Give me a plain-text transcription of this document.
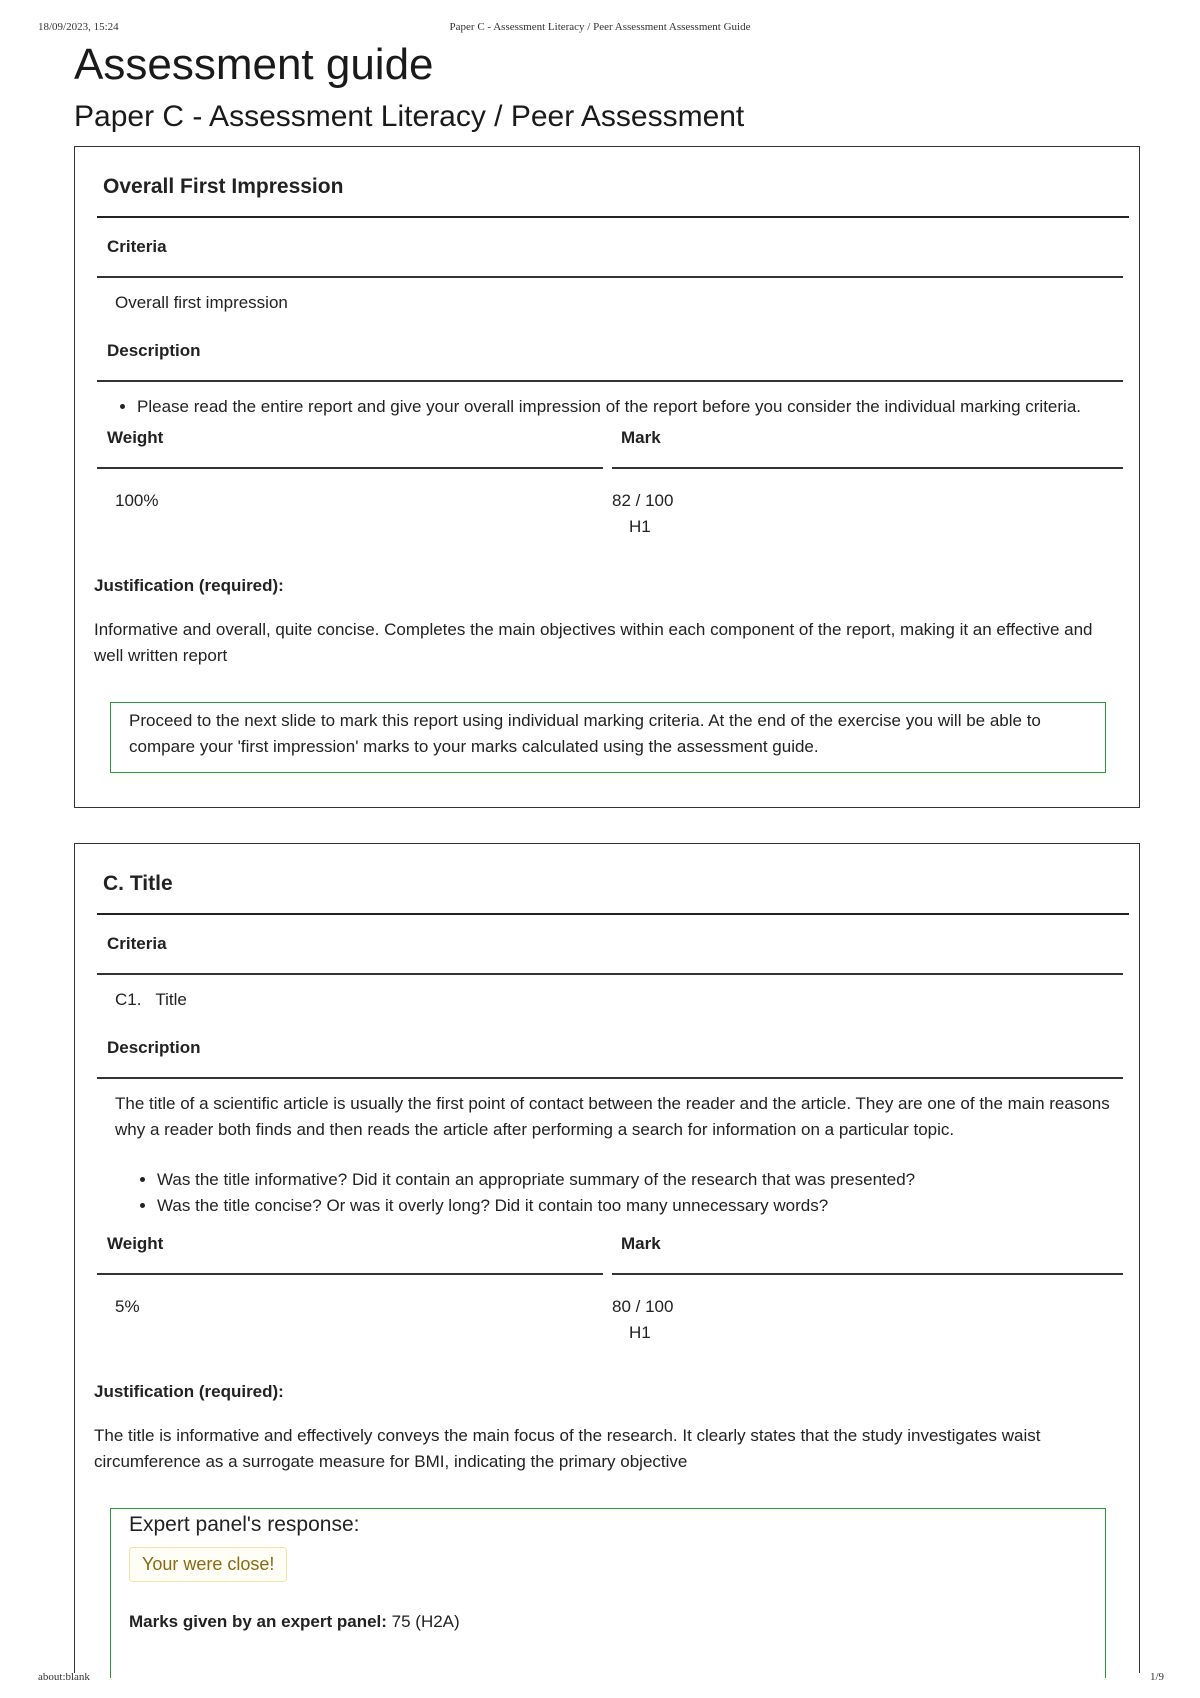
18/09/2023, 15:24	Paper C - Assessment Literacy / Peer Assessment Assessment Guide
Assessment guide
Paper C - Assessment Literacy / Peer Assessment
Overall First Impression
Criteria
Overall first impression
Description
• Please read the entire report and give your overall impression of the report before you consider the individual marking criteria.
Weight	Mark
100%	82 / 100
H1
Justification (required):
Informative and overall, quite concise. Completes the main objectives within each component of the report, making it an effective and well written report
Proceed to the next slide to mark this report using individual marking criteria. At the end of the exercise you will be able to compare your 'first impression' marks to your marks calculated using the assessment guide.
C. Title
Criteria
C1. Title
Description
The title of a scientific article is usually the first point of contact between the reader and the article. They are one of the main reasons why a reader both finds and then reads the article after performing a search for information on a particular topic.
• Was the title informative? Did it contain an appropriate summary of the research that was presented?
• Was the title concise? Or was it overly long? Did it contain too many unnecessary words?
Weight	Mark
5%	80 / 100
H1
Justification (required):
The title is informative and effectively conveys the main focus of the research. It clearly states that the study investigates waist circumference as a surrogate measure for BMI, indicating the primary objective
Expert panel's response:
Your were close!
Marks given by an expert panel: 75 (H2A)
about:blank	1/9
